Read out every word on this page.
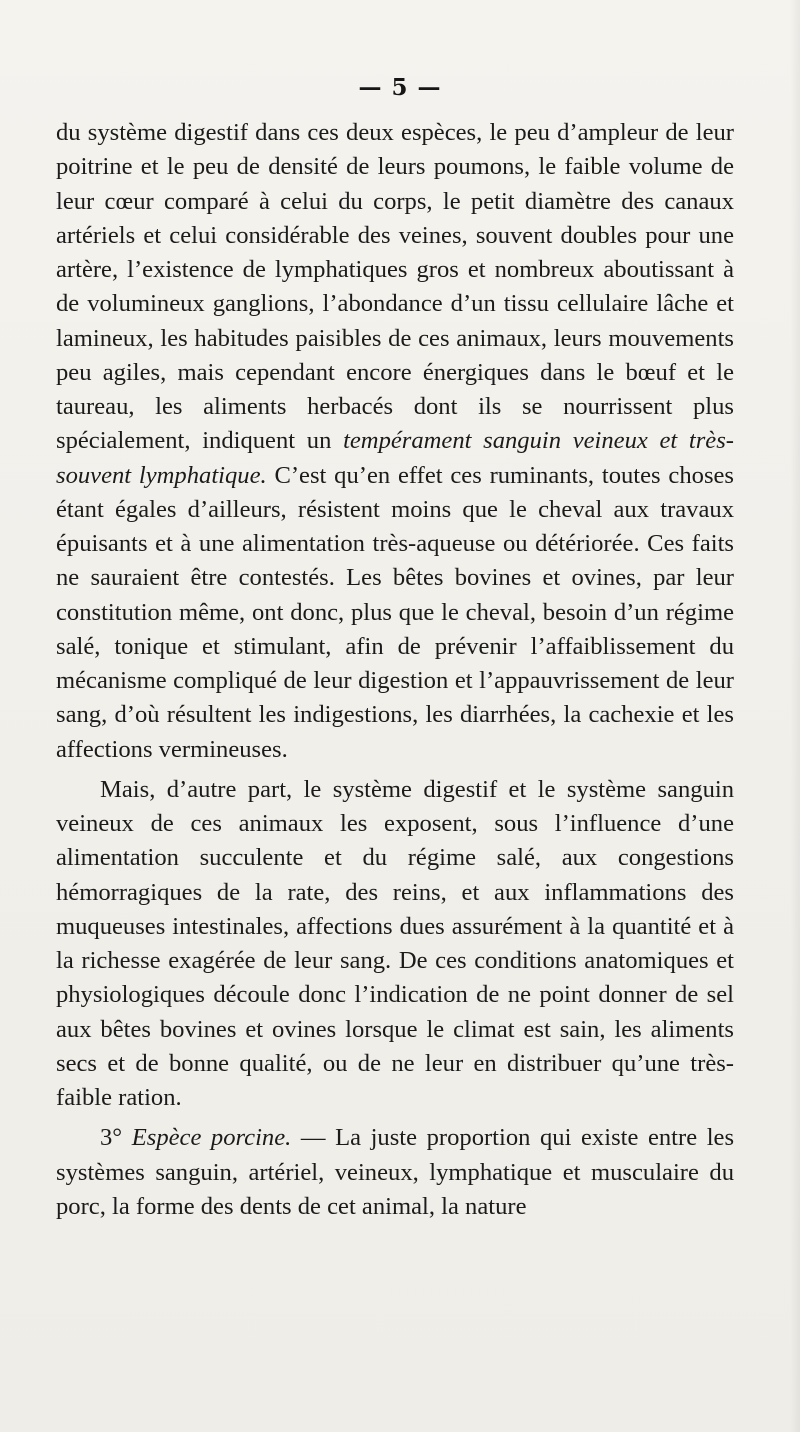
— 5 —

du système digestif dans ces deux espèces, le peu d’ampleur de leur poitrine et le peu de densité de leurs poumons, le faible volume de leur cœur comparé à celui du corps, le petit diamètre des canaux artériels et celui considérable des veines, souvent doubles pour une artère, l’existence de lymphatiques gros et nombreux aboutissant à de volumineux ganglions, l’abondance d’un tissu cellulaire lâche et lamineux, les habitudes paisibles de ces animaux, leurs mouvements peu agiles, mais cependant encore énergiques dans le bœuf et le taureau, les aliments herbacés dont ils se nourrissent plus spécialement, indiquent un tempérament sanguin veineux et très-souvent lymphatique. C’est qu’en effet ces ruminants, toutes choses étant égales d’ailleurs, résistent moins que le cheval aux travaux épuisants et à une alimentation très-aqueuse ou détériorée. Ces faits ne sauraient être contestés. Les bêtes bovines et ovines, par leur constitution même, ont donc, plus que le cheval, besoin d’un régime salé, tonique et stimulant, afin de prévenir l’affaiblissement du mécanisme compliqué de leur digestion et l’appauvrissement de leur sang, d’où résultent les indigestions, les diarrhées, la cachexie et les affections vermineuses.

Mais, d’autre part, le système digestif et le système sanguin veineux de ces animaux les exposent, sous l’influence d’une alimentation succulente et du régime salé, aux congestions hémorragiques de la rate, des reins, et aux inflammations des muqueuses intestinales, affections dues assurément à la quantité et à la richesse exagérée de leur sang. De ces conditions anatomiques et physiologiques découle donc l’indication de ne point donner de sel aux bêtes bovines et ovines lorsque le climat est sain, les aliments secs et de bonne qualité, ou de ne leur en distribuer qu’une très-faible ration.

3° Espèce porcine. — La juste proportion qui existe entre les systèmes sanguin, artériel, veineux, lymphatique et musculaire du porc, la forme des dents de cet animal, la nature
